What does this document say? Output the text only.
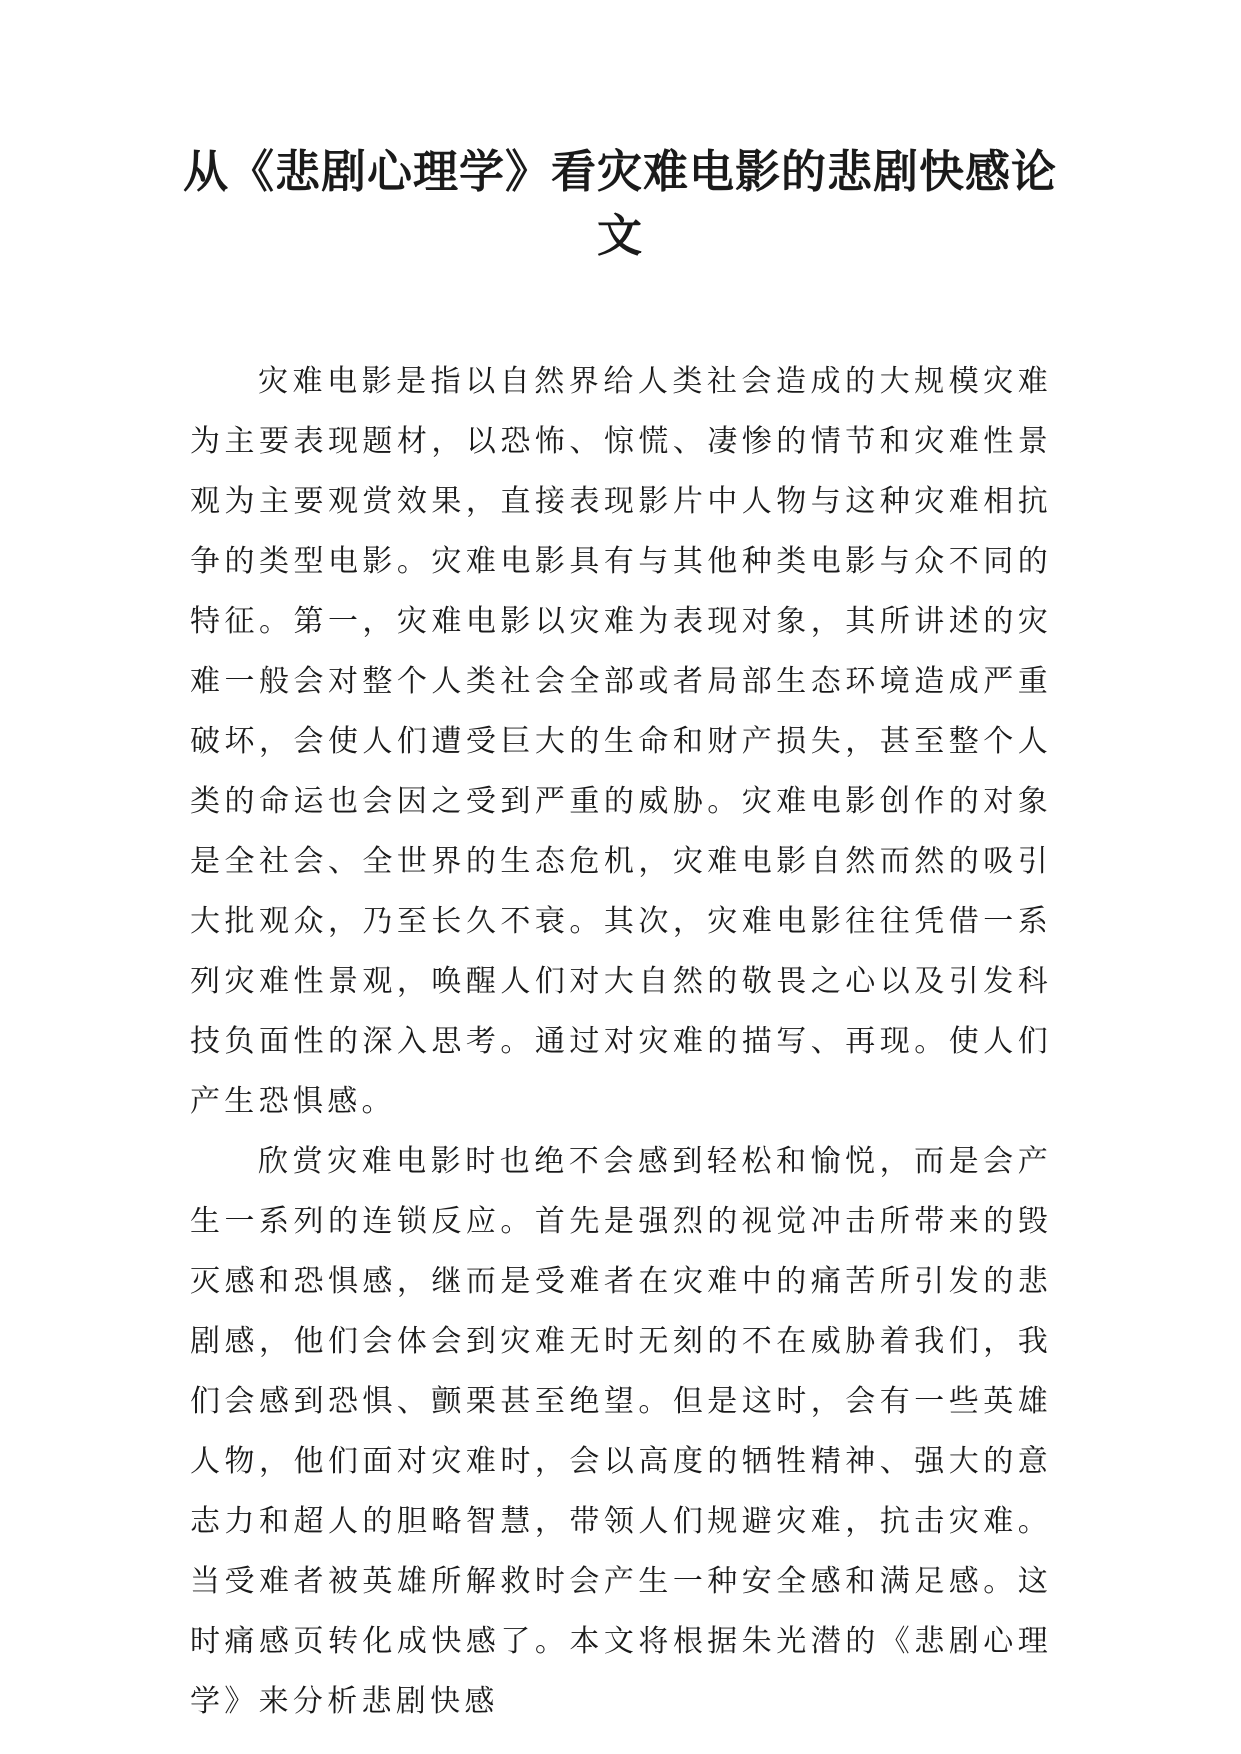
从《悲剧心理学》看灾难电影的悲剧快感论文

灾难电影是指以自然界给人类社会造成的大规模灾难为主要表现题材，以恐怖、惊慌、凄惨的情节和灾难性景观为主要观赏效果，直接表现影片中人物与这种灾难相抗争的类型电影。灾难电影具有与其他种类电影与众不同的特征。第一，灾难电影以灾难为表现对象，其所讲述的灾难一般会对整个人类社会全部或者局部生态环境造成严重破坏，会使人们遭受巨大的生命和财产损失，甚至整个人类的命运也会因之受到严重的威胁。灾难电影创作的对象是全社会、全世界的生态危机，灾难电影自然而然的吸引大批观众，乃至长久不衰。其次，灾难电影往往凭借一系列灾难性景观，唤醒人们对大自然的敬畏之心以及引发科技负面性的深入思考。通过对灾难的描写、再现。使人们产生恐惧感。

欣赏灾难电影时也绝不会感到轻松和愉悦，而是会产生一系列的连锁反应。首先是强烈的视觉冲击所带来的毁灭感和恐惧感，继而是受难者在灾难中的痛苦所引发的悲剧感，他们会体会到灾难无时无刻的不在威胁着我们，我们会感到恐惧、颤栗甚至绝望。但是这时，会有一些英雄人物，他们面对灾难时，会以高度的牺牲精神、强大的意志力和超人的胆略智慧，带领人们规避灾难，抗击灾难。当受难者被英雄所解救时会产生一种安全感和满足感。这时痛感页转化成快感了。本文将根据朱光潜的《悲剧心理学》来分析悲剧快感
